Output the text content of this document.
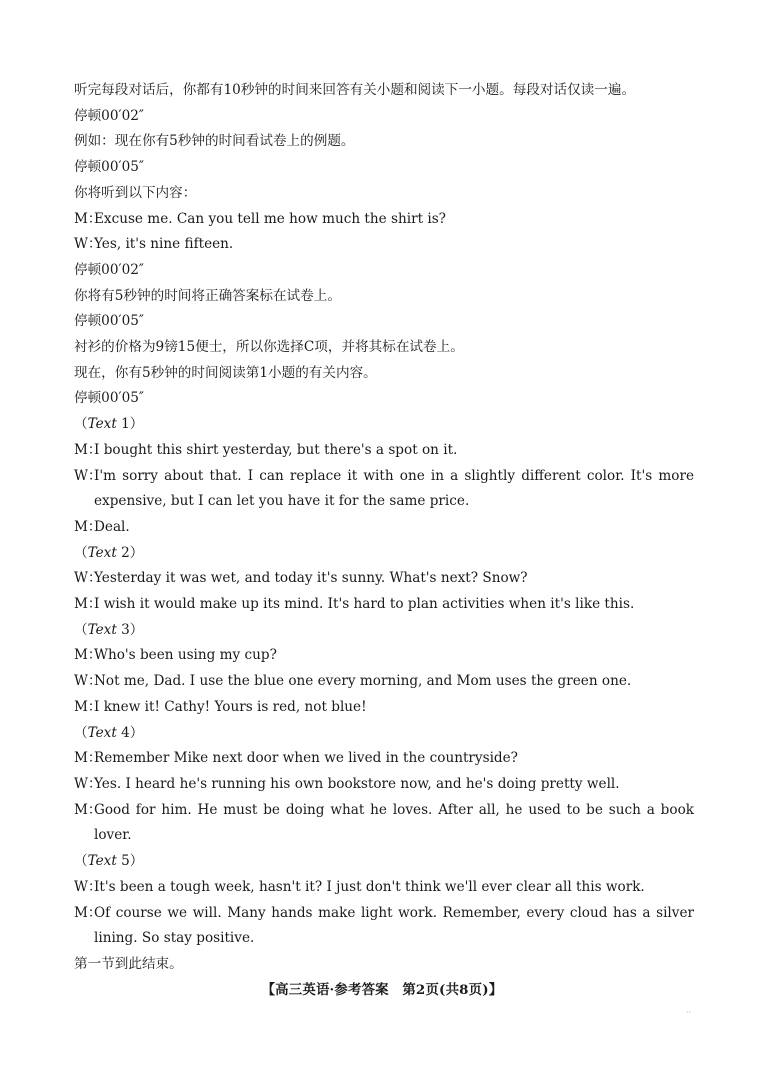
听完每段对话后，你都有10秒钟的时间来回答有关小题和阅读下一小题。每段对话仅读一遍。
停顿00′02″
例如：现在你有5秒钟的时间看试卷上的例题。
停顿00′05″
你将听到以下内容：
M：
Excuse me. Can you tell me how much the shirt is?
W：
Yes, it's nine fifteen.
停顿00′02″
你将有5秒钟的时间将正确答案标在试卷上。
停顿00′05″
衬衫的价格为9镑15便士，所以你选择C项，并将其标在试卷上。
现在，你有5秒钟的时间阅读第1小题的有关内容。
停顿00′05″
（Text 1）
M：
I bought this shirt yesterday, but there's a spot on it.
W：
I'm sorry about that. I can replace it with one in a slightly different color. It's more expensive, but I can let you have it for the same price.
M：
Deal.
（Text 2）
W：
Yesterday it was wet, and today it's sunny. What's next? Snow?
M：
I wish it would make up its mind. It's hard to plan activities when it's like this.
（Text 3）
M：
Who's been using my cup?
W：
Not me, Dad. I use the blue one every morning, and Mom uses the green one.
M：
I knew it! Cathy! Yours is red, not blue!
（Text 4）
M：
Remember Mike next door when we lived in the countryside?
W：
Yes. I heard he's running his own bookstore now, and he's doing pretty well.
M：
Good for him. He must be doing what he loves. After all, he used to be such a book lover.
（Text 5）
W：
It's been a tough week, hasn't it? I just don't think we'll ever clear all this work.
M：
Of course we will. Many hands make light work. Remember, every cloud has a silver lining. So stay positive.
第一节到此结束。
【高三英语·参考答案　第2页(共8页)】
··
